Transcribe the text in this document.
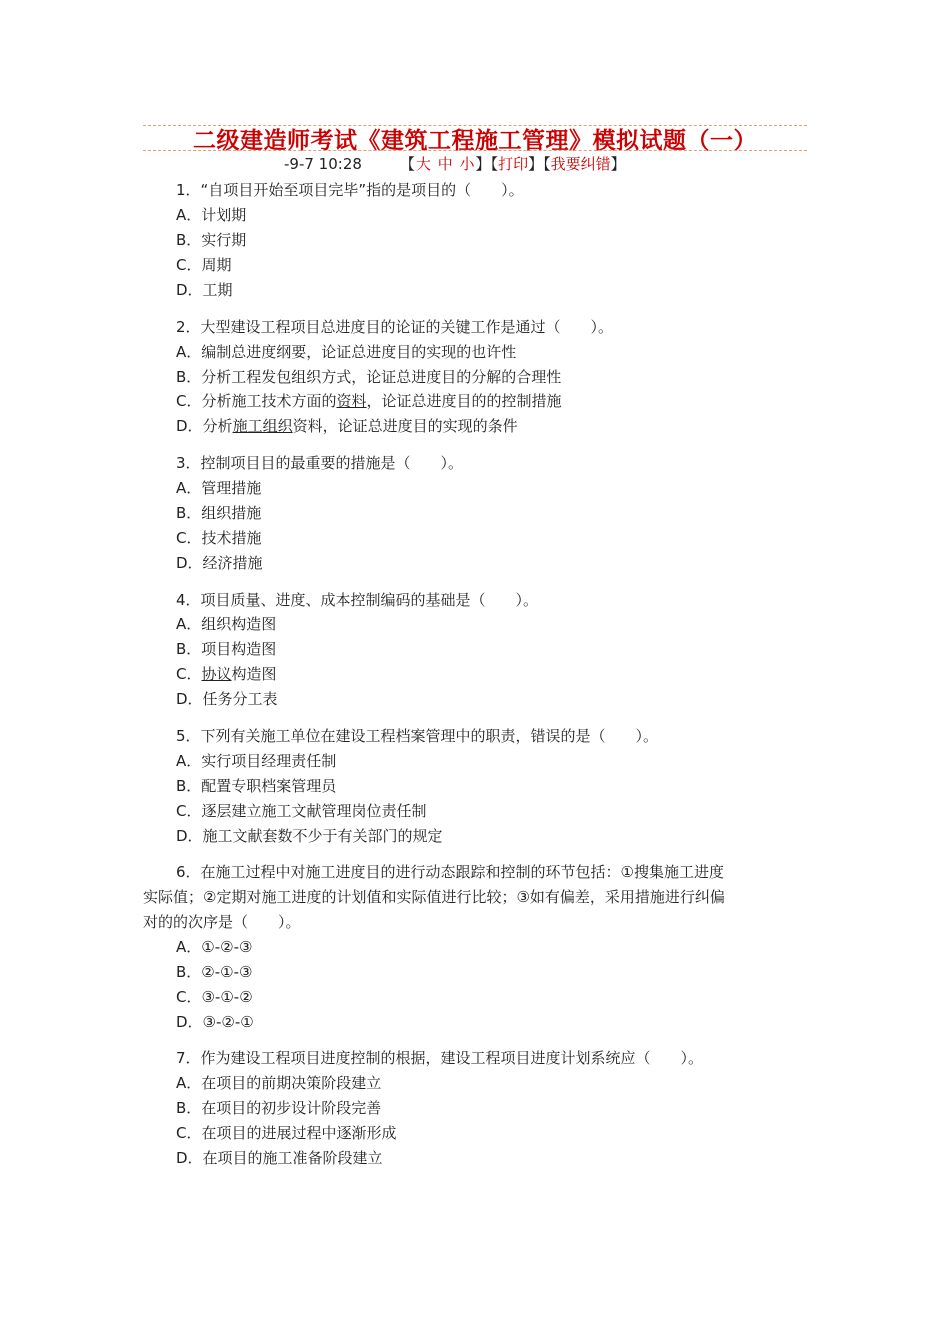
二级建造师考试《建筑工程施工管理》模拟试题（一）
-9-7 10:28	【大 中 小】【打印】【我要纠错】
1．“自项目开始至项目完毕”指的是项目的（　　）。
A．计划期
B．实行期
C．周期
D．工期
2．大型建设工程项目总进度目的论证的关键工作是通过（　　）。
A．编制总进度纲要，论证总进度目的实现的也许性
B．分析工程发包组织方式，论证总进度目的分解的合理性
C．分析施工技术方面的资料，论证总进度目的的控制措施
D．分析施工组织资料，论证总进度目的实现的条件
3．控制项目目的最重要的措施是（　　）。
A．管理措施
B．组织措施
C．技术措施
D．经济措施
4．项目质量、进度、成本控制编码的基础是（　　）。
A．组织构造图
B．项目构造图
C．协议构造图
D．任务分工表
5．下列有关施工单位在建设工程档案管理中的职责，错误的是（　　）。
A．实行项目经理责任制
B．配置专职档案管理员
C．逐层建立施工文献管理岗位责任制
D．施工文献套数不少于有关部门的规定
6．在施工过程中对施工进度目的进行动态跟踪和控制的环节包括：①搜集施工进度
实际值；②定期对施工进度的计划值和实际值进行比较；③如有偏差，采用措施进行纠偏
对的的次序是（　　）。
A．①-②-③
B．②-①-③
C．③-①-②
D．③-②-①
7．作为建设工程项目进度控制的根据，建设工程项目进度计划系统应（　　）。
A．在项目的前期决策阶段建立
B．在项目的初步设计阶段完善
C．在项目的进展过程中逐渐形成
D．在项目的施工准备阶段建立
